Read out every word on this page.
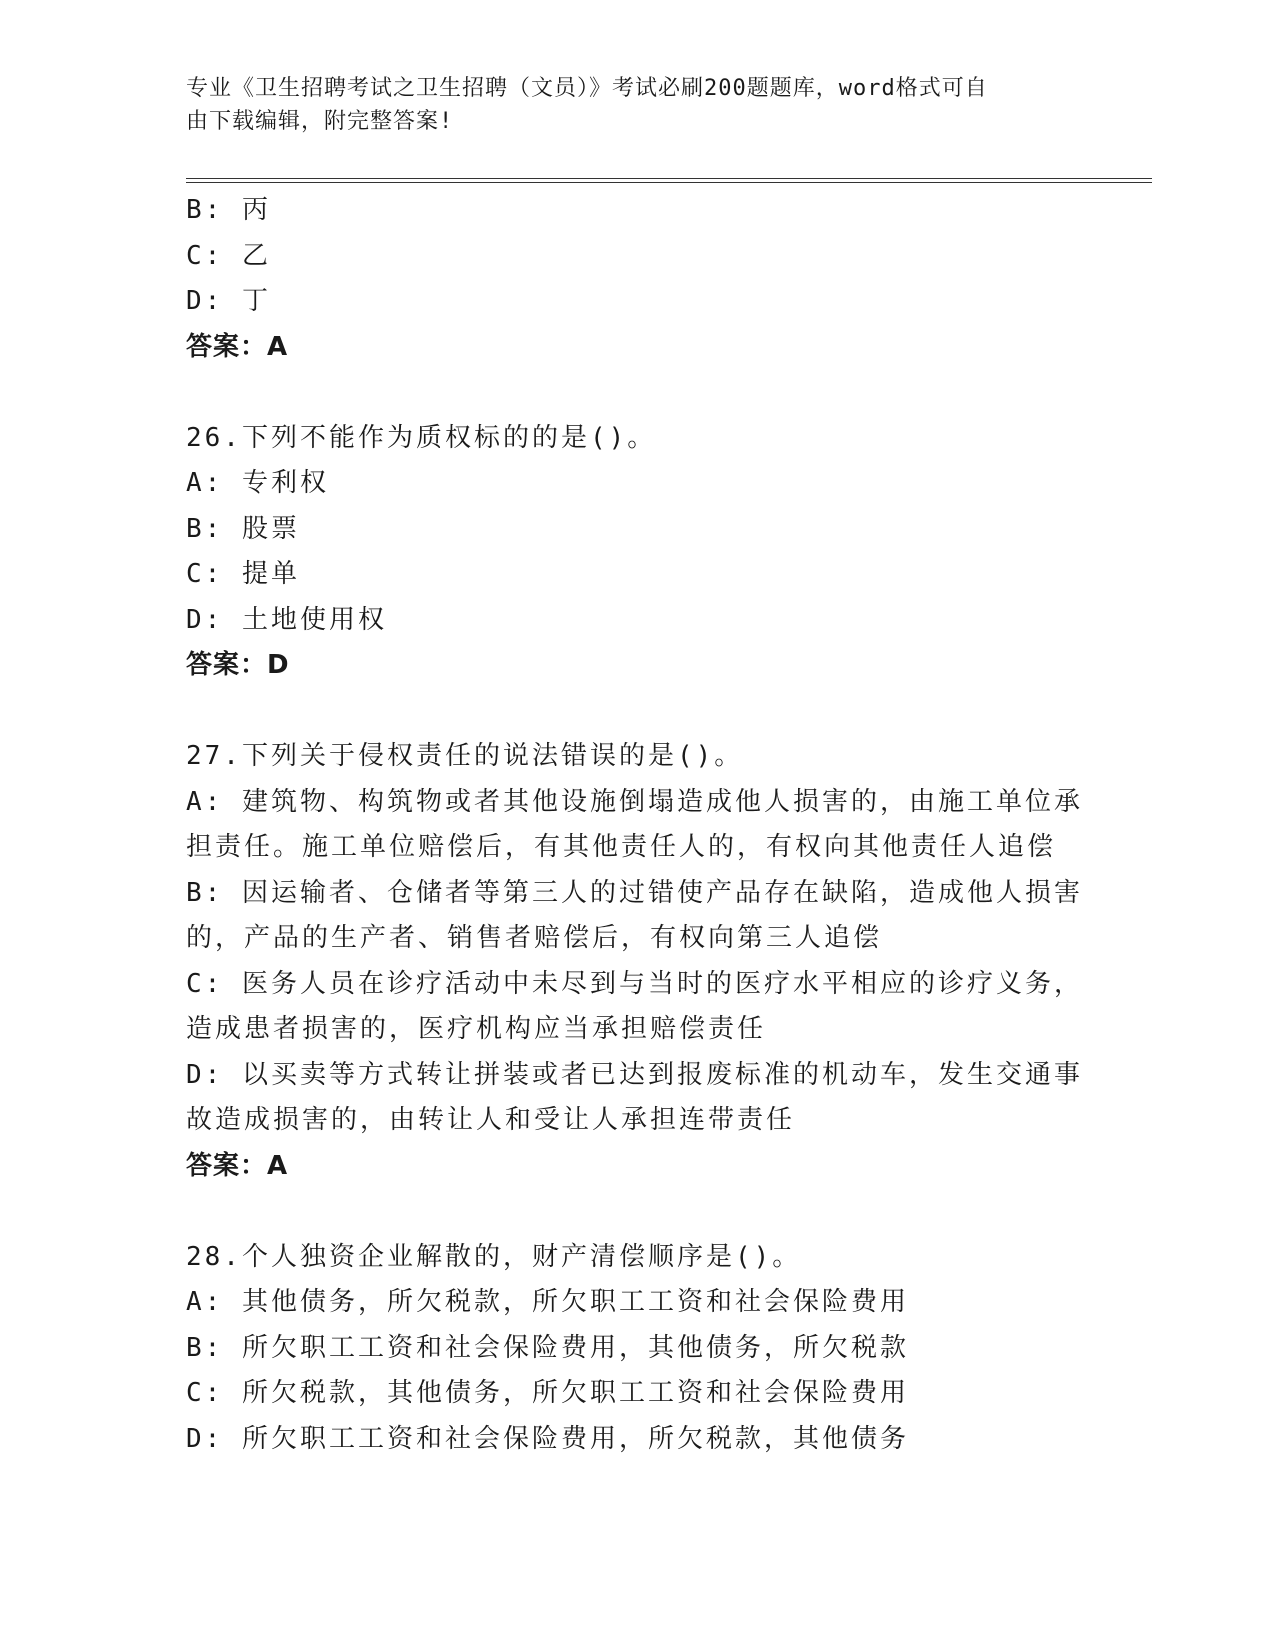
专业《卫生招聘考试之卫生招聘（文员）》考试必刷200题题库，word格式可自
由下载编辑，附完整答案!
B: 丙
C: 乙
D: 丁
答案：A
26.下列不能作为质权标的的是()。
A: 专利权
B: 股票
C: 提单
D: 土地使用权
答案：D
27.下列关于侵权责任的说法错误的是()。
A: 建筑物、构筑物或者其他设施倒塌造成他人损害的，由施工单位承
担责任。施工单位赔偿后，有其他责任人的，有权向其他责任人追偿
B: 因运输者、仓储者等第三人的过错使产品存在缺陷，造成他人损害
的，产品的生产者、销售者赔偿后，有权向第三人追偿
C: 医务人员在诊疗活动中未尽到与当时的医疗水平相应的诊疗义务，
造成患者损害的，医疗机构应当承担赔偿责任
D: 以买卖等方式转让拼装或者已达到报废标准的机动车，发生交通事
故造成损害的，由转让人和受让人承担连带责任
答案：A
28.个人独资企业解散的，财产清偿顺序是()。
A: 其他债务，所欠税款，所欠职工工资和社会保险费用
B: 所欠职工工资和社会保险费用，其他债务，所欠税款
C: 所欠税款，其他债务，所欠职工工资和社会保险费用
D: 所欠职工工资和社会保险费用，所欠税款，其他债务
